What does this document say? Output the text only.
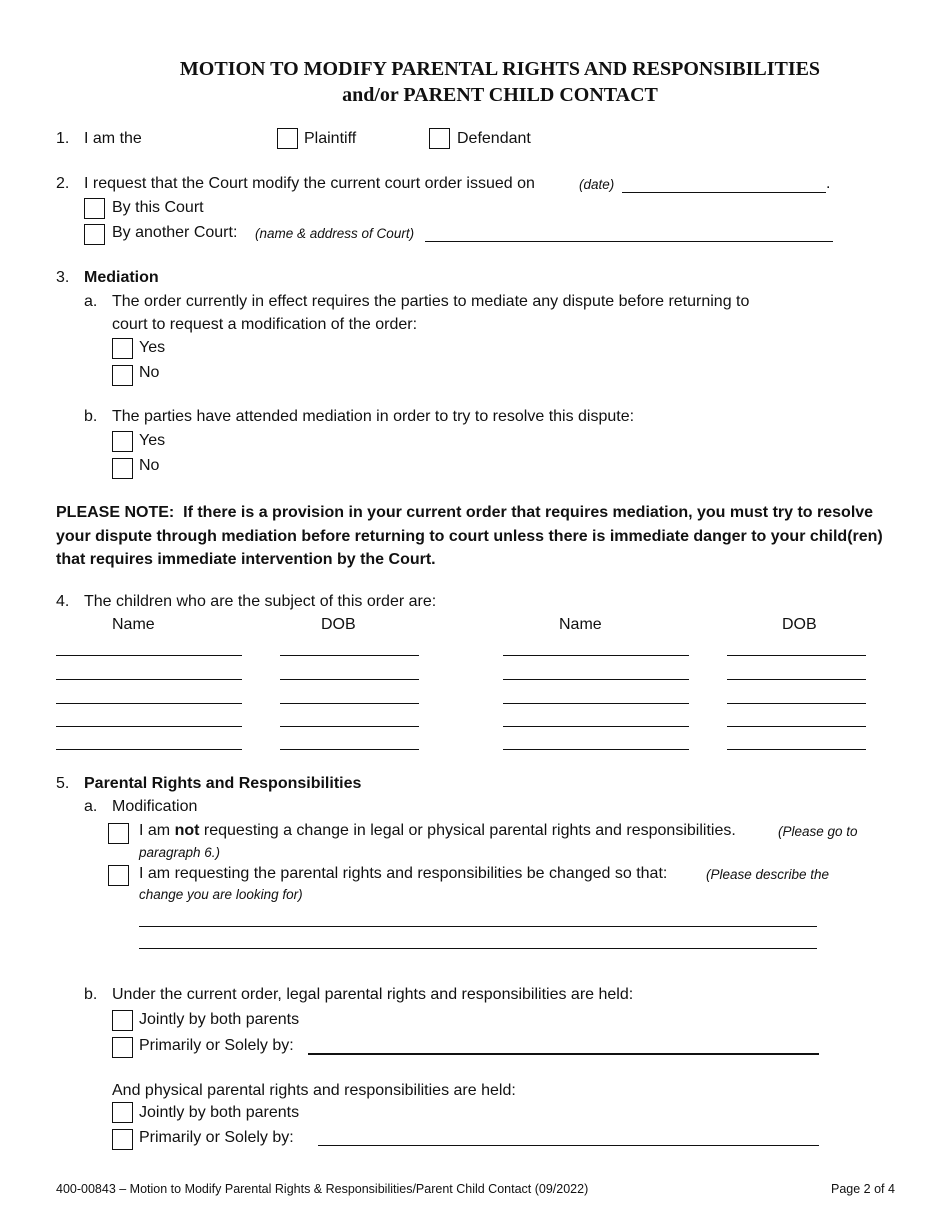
MOTION TO MODIFY PARENTAL RIGHTS AND RESPONSIBILITIES
and/or PARENT CHILD CONTACT
1. I am the	Plaintiff	Defendant
2. I request that the Court modify the current court order issued on	(date)	.
By this Court
By another Court: (name & address of Court)
3. Mediation
a. The order currently in effect requires the parties to mediate any dispute before returning to
court to request a modification of the order:
Yes
No
b. The parties have attended mediation in order to try to resolve this dispute:
Yes
No
PLEASE NOTE: If there is a provision in your current order that requires mediation, you must try to resolve your dispute through mediation before returning to court unless there is immediate danger to your child(ren) that requires immediate intervention by the Court.
4. The children who are the subject of this order are:
Name	DOB	Name	DOB
5. Parental Rights and Responsibilities
a. Modification
I am not requesting a change in legal or physical parental rights and responsibilities.	(Please go to
paragraph 6.)
I am requesting the parental rights and responsibilities be changed so that:	(Please describe the
change you are looking for)
b. Under the current order, legal parental rights and responsibilities are held:
Jointly by both parents
Primarily or Solely by:
And physical parental rights and responsibilities are held:
Jointly by both parents
Primarily or Solely by:
400-00843 – Motion to Modify Parental Rights & Responsibilities/Parent Child Contact (09/2022)	Page 2 of 4
